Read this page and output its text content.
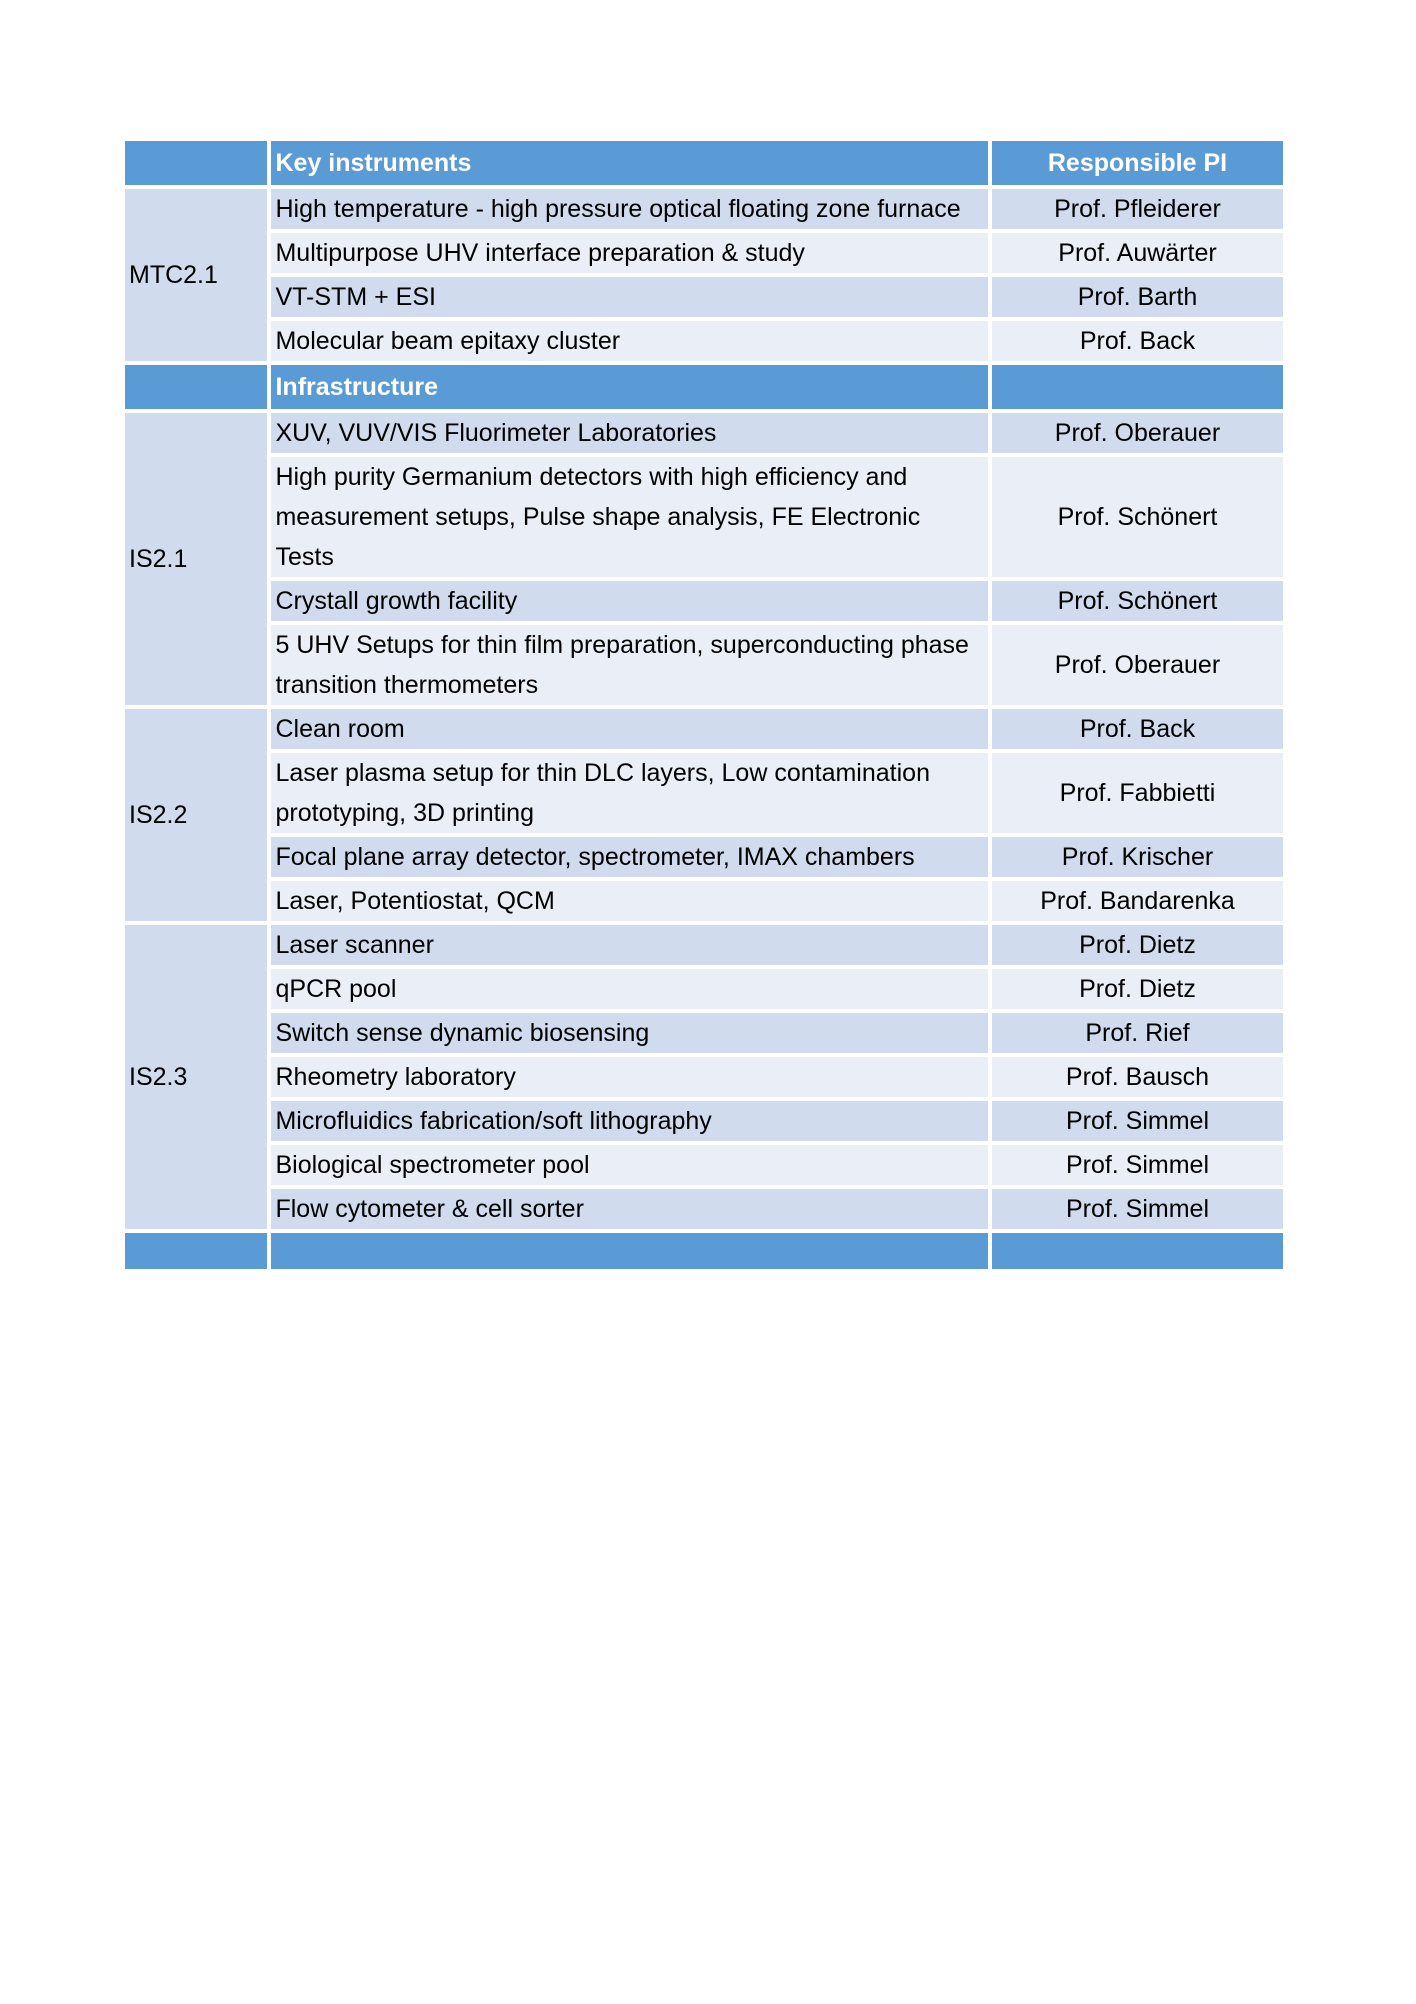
	Key instruments	Responsible PI
MTC2.1	High temperature - high pressure optical floating zone furnace	Prof. Pfleiderer
	Multipurpose UHV interface preparation & study	Prof. Auwärter
	VT-STM + ESI	Prof. Barth
	Molecular beam epitaxy cluster	Prof. Back
	Infrastructure	
IS2.1	XUV, VUV/VIS Fluorimeter Laboratories	Prof. Oberauer
	High purity Germanium detectors with high efficiency and measurement setups, Pulse shape analysis, FE Electronic Tests	Prof. Schönert
	Crystall growth facility	Prof. Schönert
	5 UHV Setups for thin film preparation, superconducting phase transition thermometers	Prof. Oberauer
IS2.2	Clean room	Prof. Back
	Laser plasma setup for thin DLC layers, Low contamination prototyping, 3D printing	Prof. Fabbietti
	Focal plane array detector, spectrometer, IMAX chambers	Prof. Krischer
	Laser, Potentiostat, QCM	Prof. Bandarenka
IS2.3	Laser scanner	Prof. Dietz
	qPCR pool	Prof. Dietz
	Switch sense dynamic biosensing	Prof. Rief
	Rheometry laboratory	Prof. Bausch
	Microfluidics fabrication/soft lithography	Prof. Simmel
	Biological spectrometer pool	Prof. Simmel
	Flow cytometer & cell sorter	Prof. Simmel
